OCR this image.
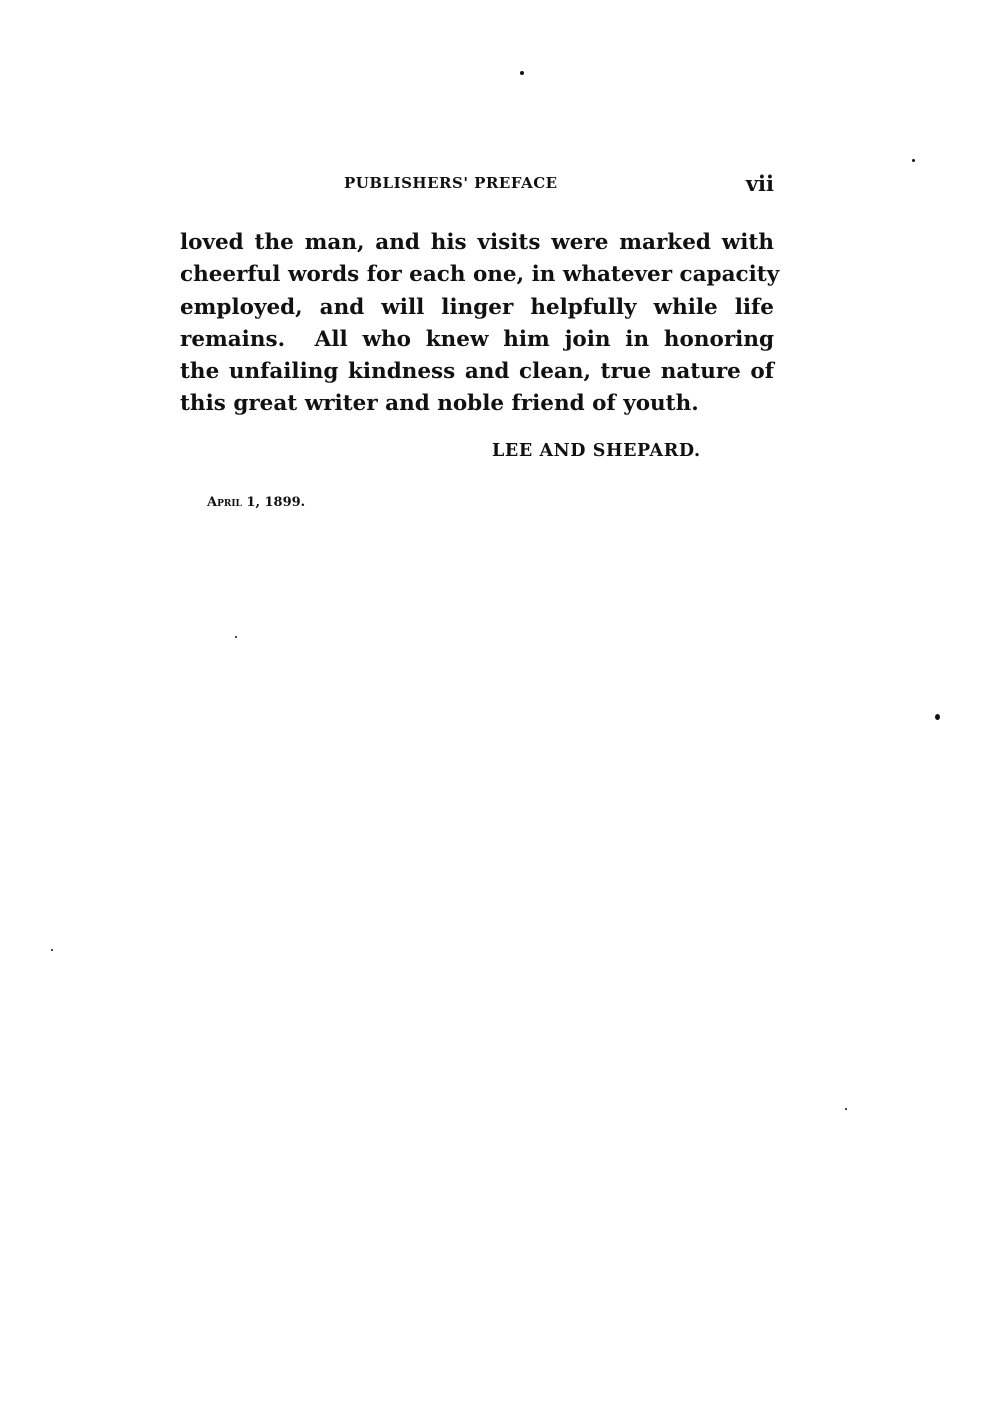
PUBLISHERS' PREFACE	vii

loved the man, and his visits were marked with
cheerful words for each one, in whatever capacity
employed, and will linger helpfully while life
remains.  All who knew him join in honoring
the unfailing kindness and clean, true nature of
this great writer and noble friend of youth.

LEE AND SHEPARD.
April 1, 1899.
